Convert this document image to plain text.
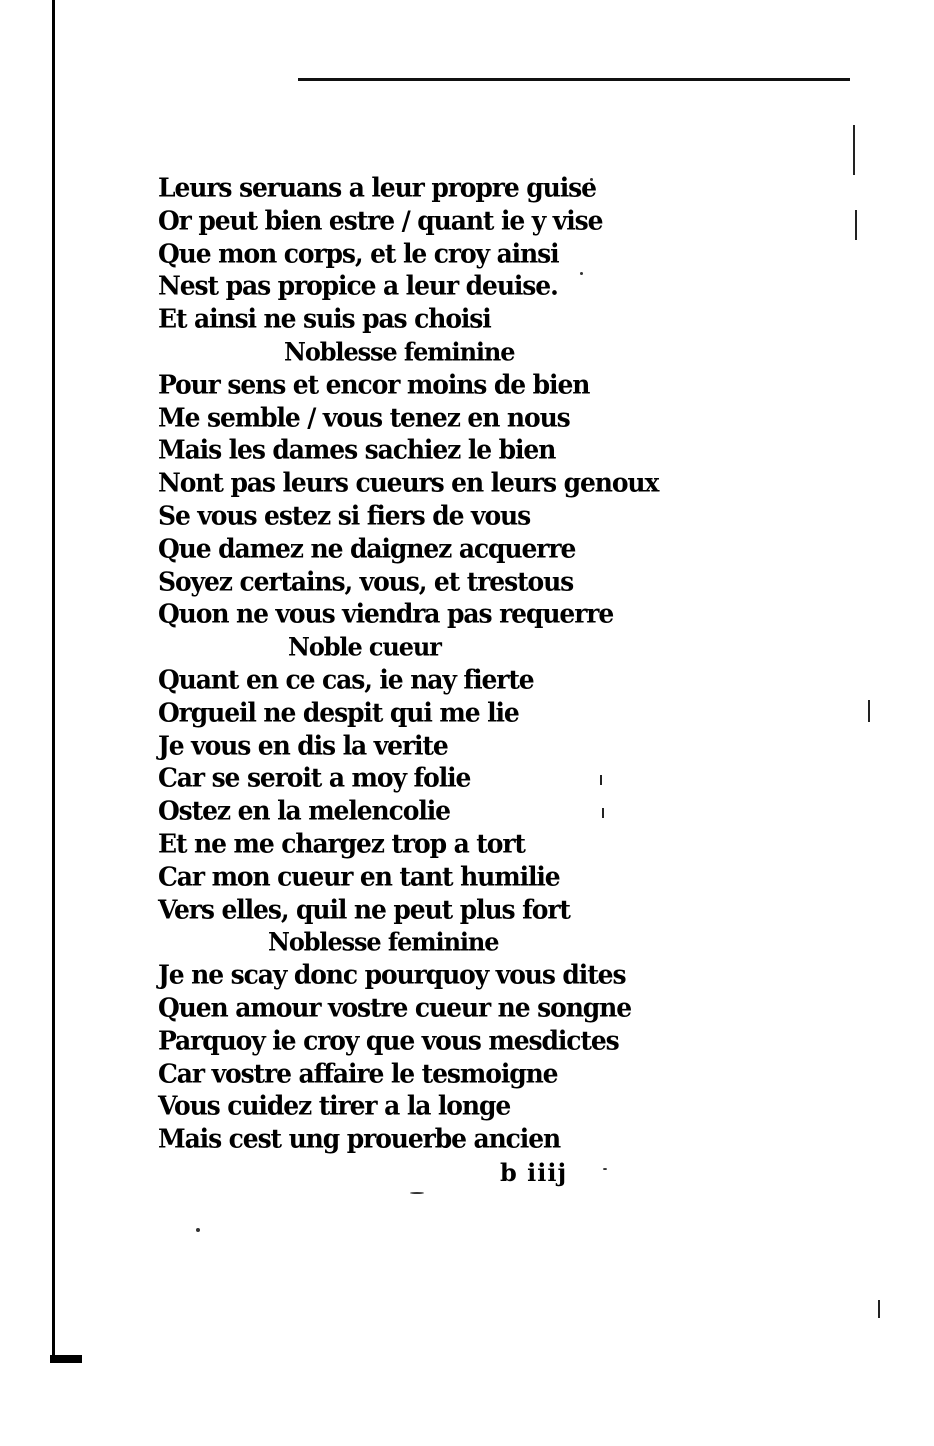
Leurs seruans a leur propre guise
Or peut bien estre / quant ie y vise
Que mon corps, et le croy ainsi
Nest pas propice a leur deuise.
Et ainsi ne suis pas choisi
Noblesse feminine
Pour sens et encor moins de bien
Me semble / vous tenez en nous
Mais les dames sachiez le bien
Nont pas leurs cueurs en leurs genoux
Se vous estez si fiers de vous
Que damez ne daignez acquerre
Soyez certains, vous, et trestous
Quon ne vous viendra pas requerre
Noble cueur
Quant en ce cas, ie nay fierte
Orgueil ne despit qui me lie
Je vous en dis la verite
Car se seroit a moy folie
Ostez en la melencolie
Et ne me chargez trop a tort
Car mon cueur en tant humilie
Vers elles, quil ne peut plus fort
Noblesse feminine
Je ne scay donc pourquoy vous dites
Quen amour vostre cueur ne songne
Parquoy ie croy que vous mesdictes
Car vostre affaire le tesmoigne
Vous cuidez tirer a la longe
Mais cest ung prouerbe ancien
b iiij
